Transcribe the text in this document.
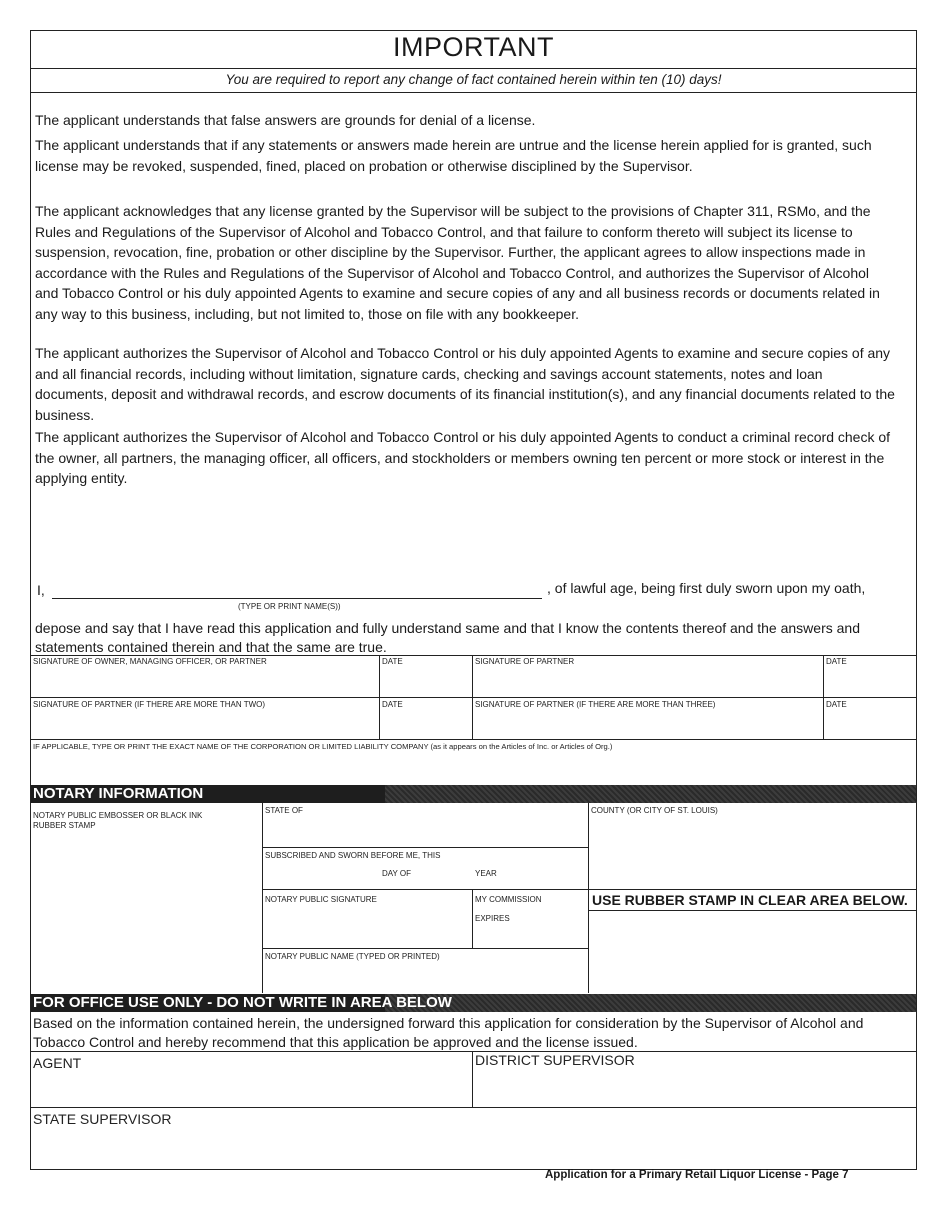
IMPORTANT
You are required to report any change of fact contained herein within ten (10) days!
The applicant understands that false answers are grounds for denial of a license.
The applicant understands that if any statements or answers made herein are untrue and the license herein applied for is granted, such license may be revoked, suspended, fined, placed on probation or otherwise disciplined by the Supervisor.
The applicant acknowledges that any license granted by the Supervisor will be subject to the provisions of Chapter 311, RSMo, and the Rules and Regulations of the Supervisor of Alcohol and Tobacco Control, and that failure to conform thereto will subject its license to suspension, revocation, fine, probation or other discipline by the Supervisor. Further, the applicant agrees to allow inspections made in accordance with the Rules and Regulations of the Supervisor of Alcohol and Tobacco Control, and authorizes the Supervisor of Alcohol and Tobacco Control or his duly appointed Agents to examine and secure copies of any and all business records or documents related in any way to this business, including, but not limited to, those on file with any bookkeeper.
The applicant authorizes the Supervisor of Alcohol and Tobacco Control or his duly appointed Agents to examine and secure copies of any and all financial records, including without limitation, signature cards, checking and savings account statements, notes and loan documents, deposit and withdrawal records, and escrow documents of its financial institution(s), and any financial documents related to the business.
The applicant authorizes the Supervisor of Alcohol and Tobacco Control or his duly appointed Agents to conduct a criminal record check of the owner, all partners, the managing officer, all officers, and stockholders or members owning ten percent or more stock or interest in the applying entity.
I,	, of lawful age, being first duly sworn upon my oath,
(TYPE OR PRINT NAME(S))
depose and say that I have read this application and fully understand same and that I know the contents thereof and the answers and statements contained therein and that the same are true.
SIGNATURE OF OWNER, MANAGING OFFICER, OR PARTNER	DATE	SIGNATURE OF PARTNER	DATE
SIGNATURE OF PARTNER (IF THERE ARE MORE THAN TWO)	DATE	SIGNATURE OF PARTNER (IF THERE ARE MORE THAN THREE)	DATE
IF APPLICABLE, TYPE OR PRINT THE EXACT NAME OF THE CORPORATION OR LIMITED LIABILITY COMPANY (as it appears on the Articles of Inc. or Articles of Org.)
NOTARY INFORMATION
NOTARY PUBLIC EMBOSSER OR BLACK INK RUBBER STAMP
STATE OF	COUNTY (OR CITY OF ST. LOUIS)
SUBSCRIBED AND SWORN BEFORE ME, THIS
DAY OF	YEAR
NOTARY PUBLIC SIGNATURE	MY COMMISSION
EXPIRES
USE RUBBER STAMP IN CLEAR AREA BELOW.
NOTARY PUBLIC NAME (TYPED OR PRINTED)
FOR OFFICE USE ONLY - DO NOT WRITE IN AREA BELOW
Based on the information contained herein, the undersigned forward this application for consideration by the Supervisor of Alcohol and Tobacco Control and hereby recommend that this application be approved and the license issued.
AGENT	DISTRICT SUPERVISOR
STATE SUPERVISOR
Application for a Primary Retail Liquor License - Page 7
